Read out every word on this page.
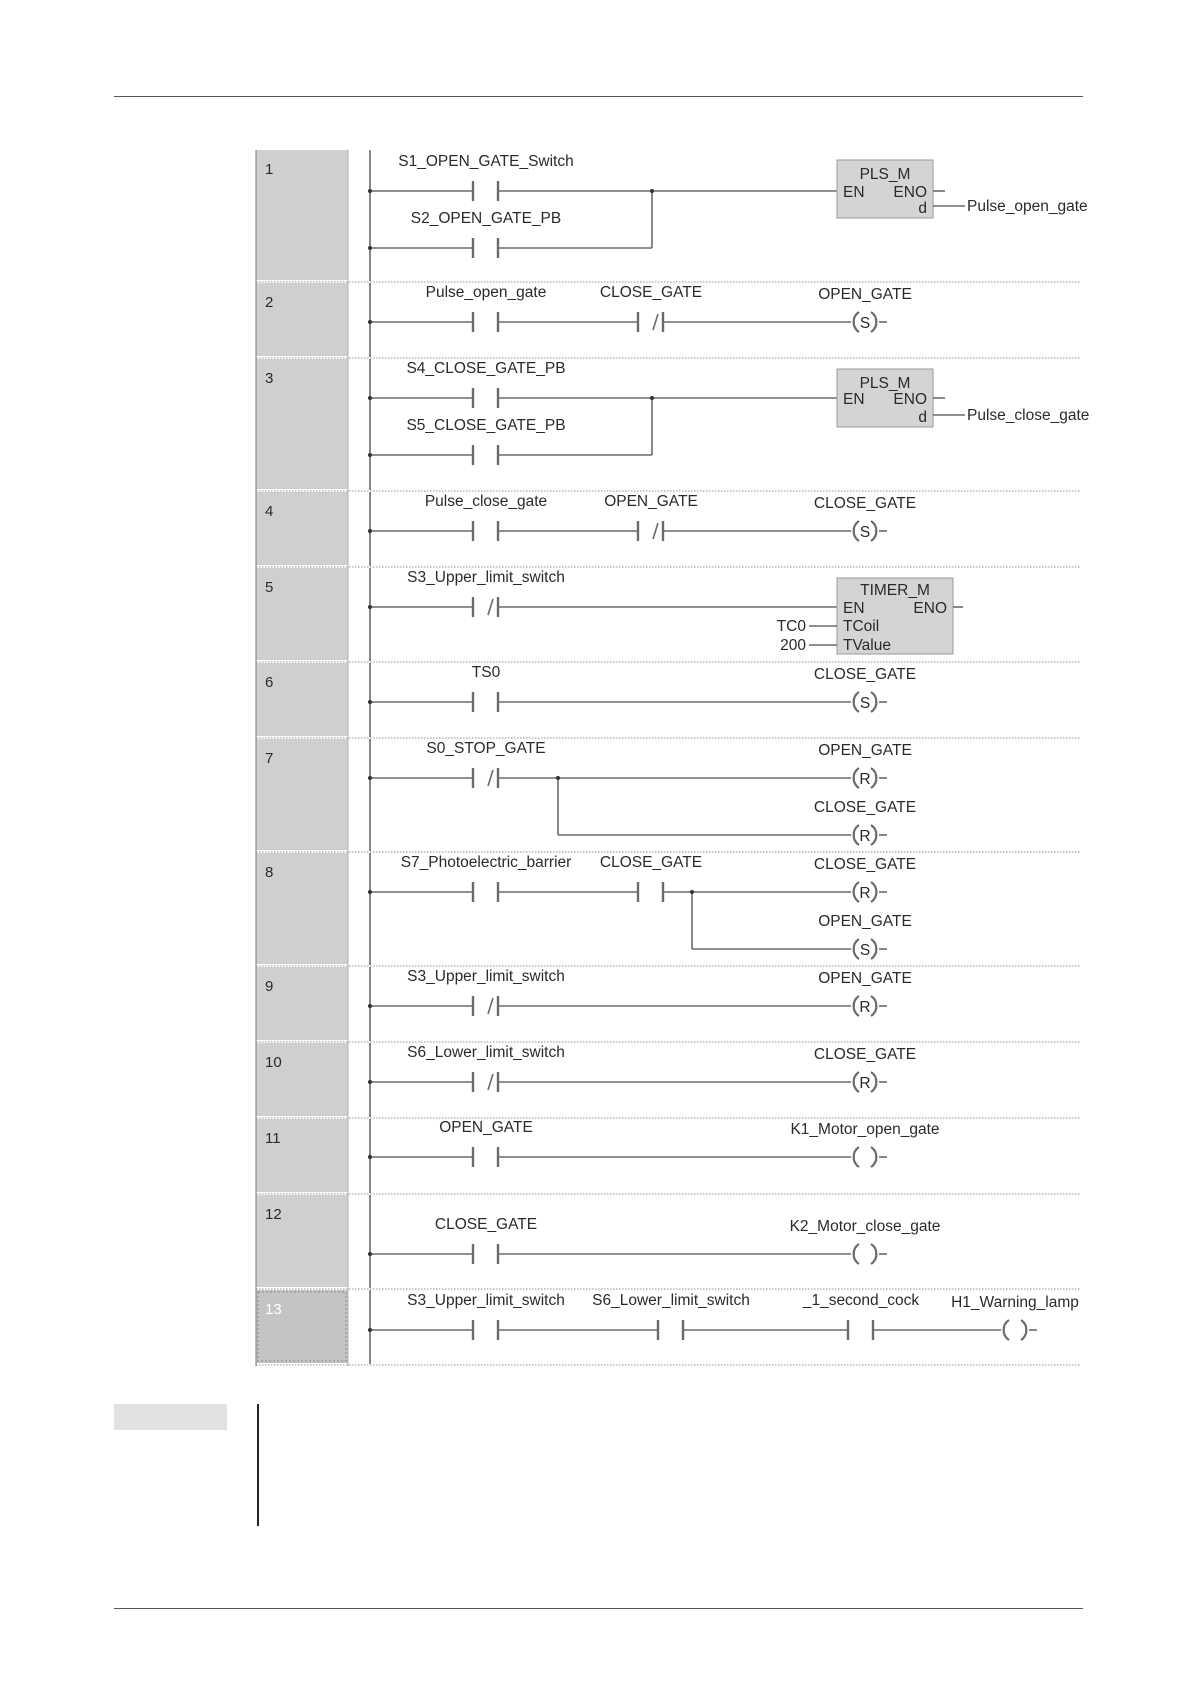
1	S1_OPEN_GATE_Switch
S2_OPEN_GATE_PB
PLS_M
EN ENO
d	Pulse_open_gate
2
Pulse_open_gate	CLOSE_GATE
S
OPEN_GATE
3
S4_CLOSE_GATE_PB
S5_CLOSE_GATE_PB
PLS_M
EN ENO
d	Pulse_close_gate
4
Pulse_close_gate	OPEN_GATE
S
CLOSE_GATE
5
S3_Upper_limit_switch
TIMER_M
EN	ENO
TCoil
TC0
TValue
200
6
TS0
S
CLOSE_GATE
7
S0_STOP_GATE
R
OPEN_GATE
R
CLOSE_GATE
8
S7_Photoelectric_barrier CLOSE_GATE
R
CLOSE_GATE
S
OPEN_GATE
9
S3_Upper_limit_switch
R
OPEN_GATE
10
S6_Lower_limit_switch
R
CLOSE_GATE
11
OPEN_GATE	K1_Motor_open_gate
12
CLOSE_GATE	K2_Motor_close_gate
13
S3_Upper_limit_switch S6_Lower_limit_switch	_1_second_cock H1_Warning_lamp
